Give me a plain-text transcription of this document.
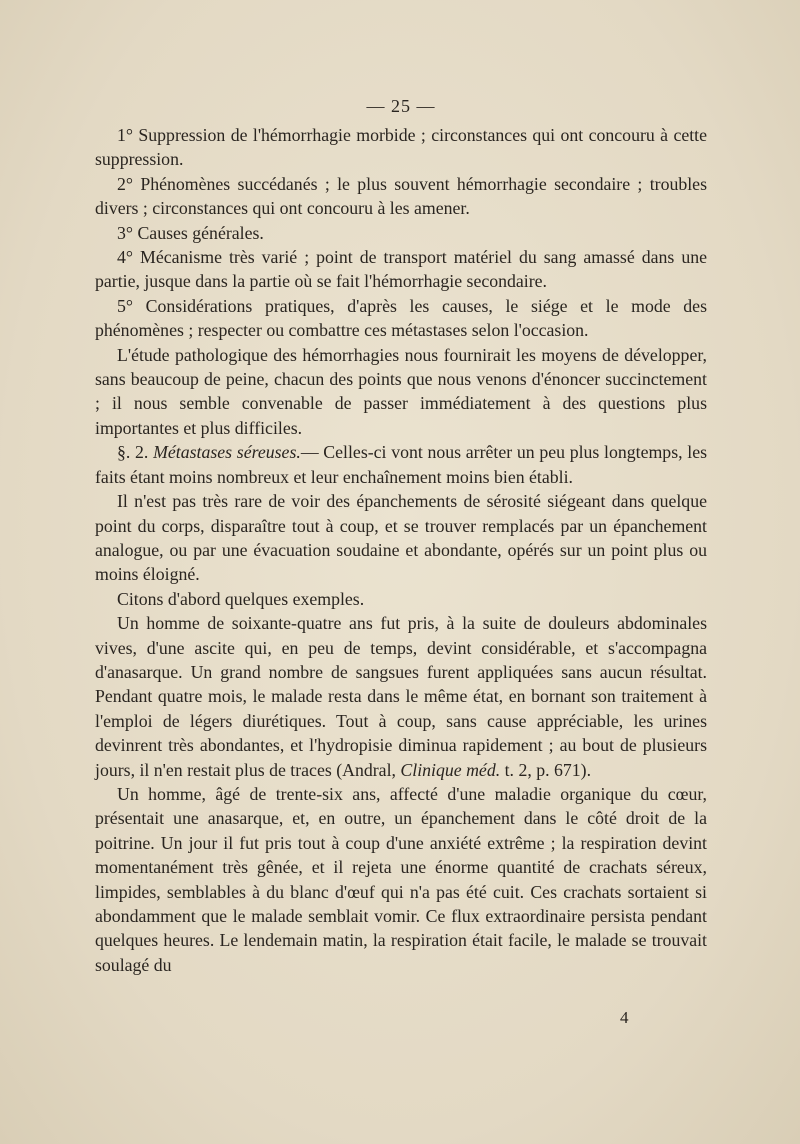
— 25 —

1° Suppression de l'hémorrhagie morbide ; circonstances qui ont concouru à cette suppression.

2° Phénomènes succédanés ; le plus souvent hémorrhagie secondaire ; troubles divers ; circonstances qui ont concouru à les amener.

3° Causes générales.

4° Mécanisme très varié ; point de transport matériel du sang amassé dans une partie, jusque dans la partie où se fait l'hémorrhagie secondaire.

5° Considérations pratiques, d'après les causes, le siége et le mode des phénomènes ; respecter ou combattre ces métastases selon l'occasion.

L'étude pathologique des hémorrhagies nous fournirait les moyens de développer, sans beaucoup de peine, chacun des points que nous venons d'énoncer succinctement ; il nous semble convenable de passer immédiatement à des questions plus importantes et plus difficiles.

§. 2. Métastases séreuses.— Celles-ci vont nous arrêter un peu plus longtemps, les faits étant moins nombreux et leur enchaînement moins bien établi.

Il n'est pas très rare de voir des épanchements de sérosité siégeant dans quelque point du corps, disparaître tout à coup, et se trouver remplacés par un épanchement analogue, ou par une évacuation soudaine et abondante, opérés sur un point plus ou moins éloigné.

Citons d'abord quelques exemples.

Un homme de soixante-quatre ans fut pris, à la suite de douleurs abdominales vives, d'une ascite qui, en peu de temps, devint considérable, et s'accompagna d'anasarque. Un grand nombre de sangsues furent appliquées sans aucun résultat. Pendant quatre mois, le malade resta dans le même état, en bornant son traitement à l'emploi de légers diurétiques. Tout à coup, sans cause appréciable, les urines devinrent très abondantes, et l'hydropisie diminua rapidement ; au bout de plusieurs jours, il n'en restait plus de traces (Andral, Clinique méd. t. 2, p. 671).

Un homme, âgé de trente-six ans, affecté d'une maladie organique du cœur, présentait une anasarque, et, en outre, un épanchement dans le côté droit de la poitrine. Un jour il fut pris tout à coup d'une anxiété extrême ; la respiration devint momentanément très gênée, et il rejeta une énorme quantité de crachats séreux, limpides, semblables à du blanc d'œuf qui n'a pas été cuit. Ces crachats sortaient si abondamment que le malade semblait vomir. Ce flux extraordinaire persista pendant quelques heures. Le lendemain matin, la respiration était facile, le malade se trouvait soulagé du

4
